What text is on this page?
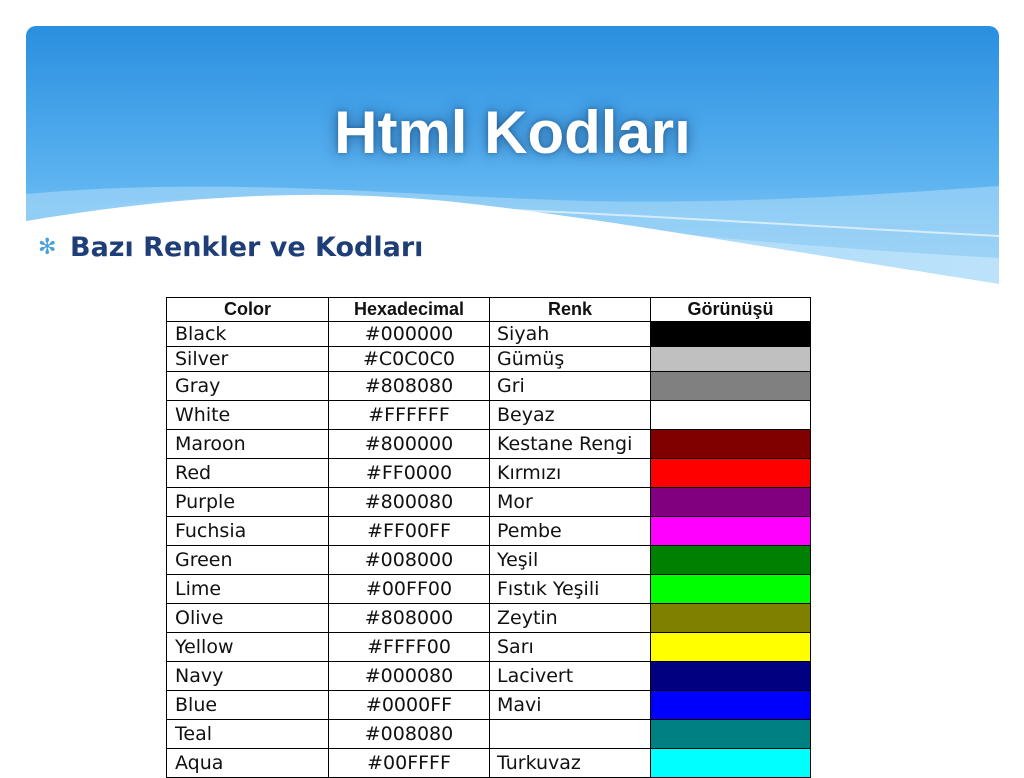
Html Kodları
✻ Bazı Renkler ve Kodları
Color	Hexadecimal	Renk	Görünüşü
Black	#000000	Siyah	
Silver	#C0C0C0	Gümüş	
Gray	#808080	Gri	
White	#FFFFFF	Beyaz	
Maroon	#800000	Kestane Rengi	
Red	#FF0000	Kırmızı	
Purple	#800080	Mor	
Fuchsia	#FF00FF	Pembe	
Green	#008000	Yeşil	
Lime	#00FF00	Fıstık Yeşili	
Olive	#808000	Zeytin	
Yellow	#FFFF00	Sarı	
Navy	#000080	Lacivert	
Blue	#0000FF	Mavi	
Teal	#008080		
Aqua	#00FFFF	Turkuvaz	
